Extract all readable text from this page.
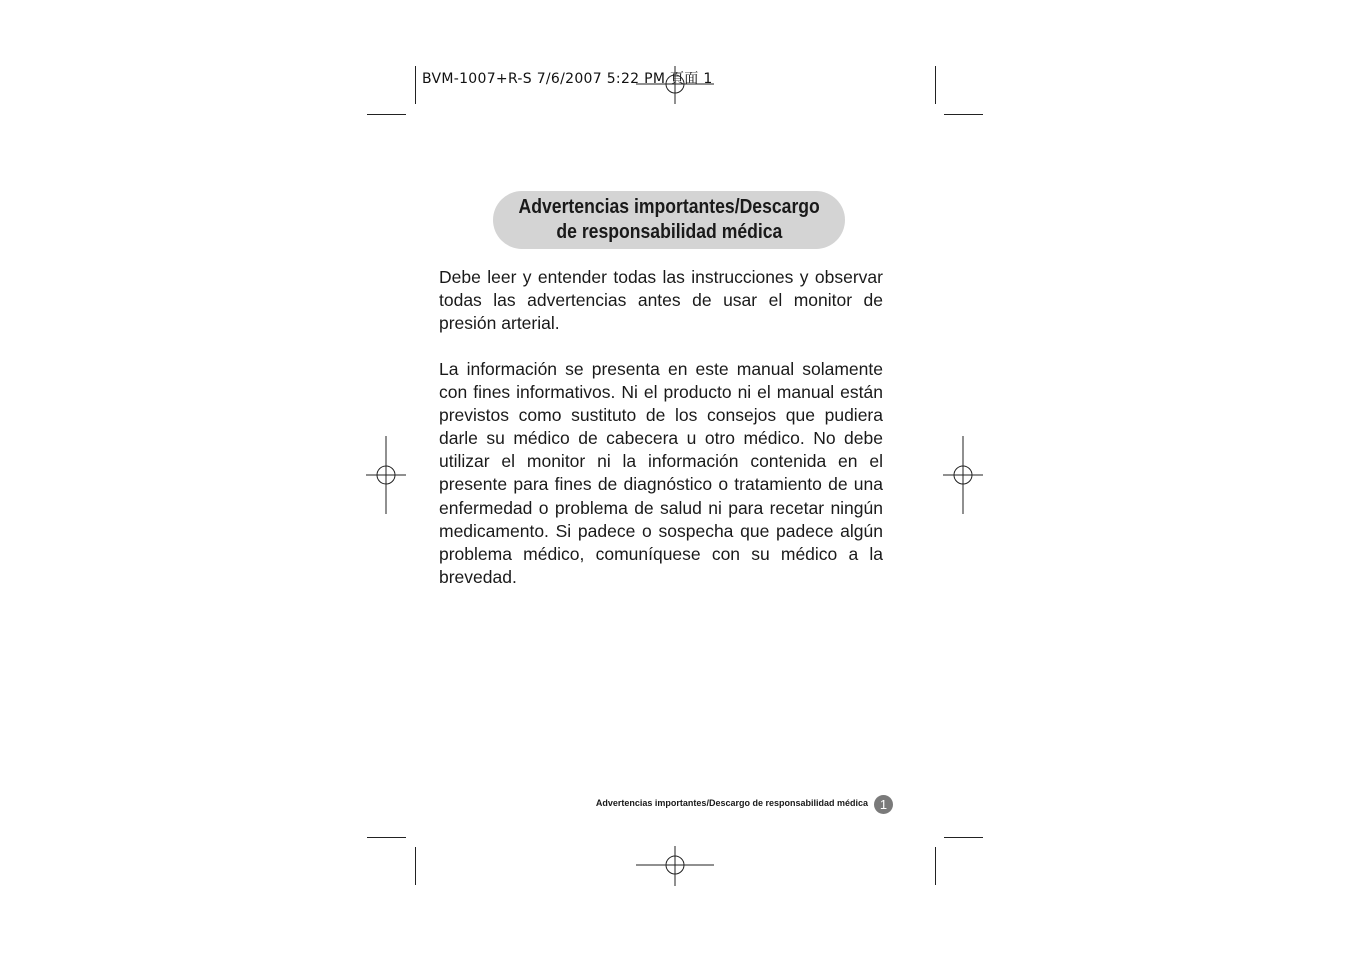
BVM-1007+R-S 7/6/2007 5:22 PM 頁面 1
Advertencias importantes/Descargo
de responsabilidad médica

Debe leer y entender todas las instrucciones y observar todas las advertencias antes de usar el monitor de presión arterial.

La información se presenta en este manual solamente con fines informativos. Ni el producto ni el manual están previstos como sustituto de los consejos que pudiera darle su médico de cabecera u otro médico. No debe utilizar el monitor ni la información contenida en el presente para fines de diagnóstico o tratamiento de una enfermedad o problema de salud ni para recetar ningún medicamento. Si padece o sospecha que padece algún problema médico, comuníquese con su médico a la brevedad.

Advertencias importantes/Descargo de responsabilidad médica 1
